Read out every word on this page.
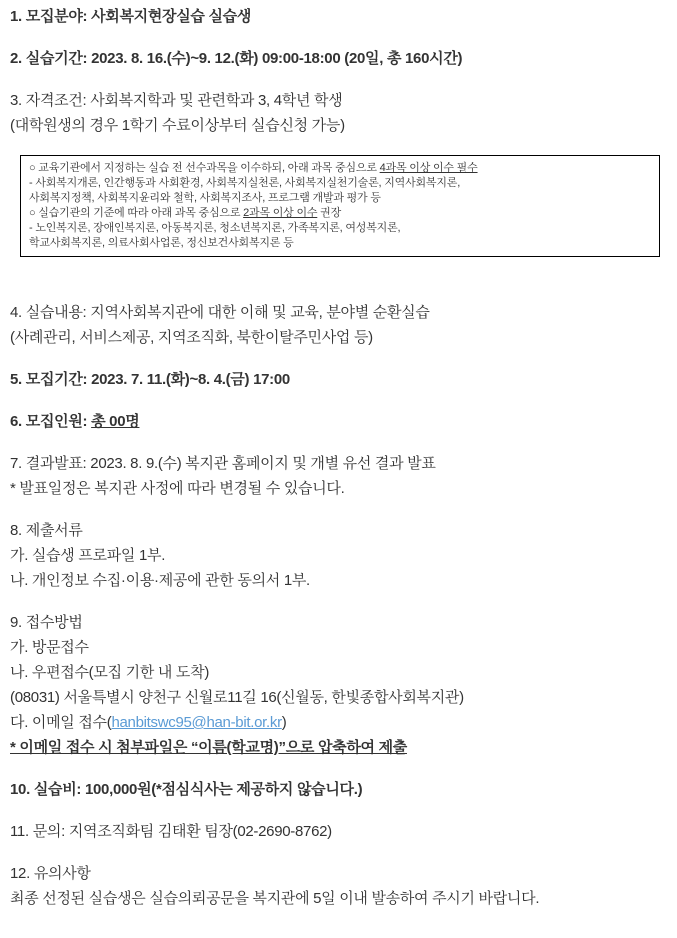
1. 모집분야: 사회복지현장실습 실습생

2. 실습기간: 2023. 8. 16.(수)~9. 12.(화) 09:00-18:00 (20일, 총 160시간)

3. 자격조건: 사회복지학과 및 관련학과 3, 4학년 학생
(대학원생의 경우 1학기 수료이상부터 실습신청 가능)

○ 교육기관에서 지정하는 실습 전 선수과목을 이수하되, 아래 과목 중심으로 4과목 이상 이수 필수
- 사회복지개론, 인간행동과 사회환경, 사회복지실천론, 사회복지실천기술론, 지역사회복지론,
사회복지정책, 사회복지윤리와 철학, 사회복지조사, 프로그램 개발과 평가 등
○ 실습기관의 기준에 따라 아래 과목 중심으로 2과목 이상 이수 권장
- 노인복지론, 장애인복지론, 아동복지론, 청소년복지론, 가족복지론, 여성복지론,
학교사회복지론, 의료사회사업론, 정신보건사회복지론 등

4. 실습내용: 지역사회복지관에 대한 이해 및 교육, 분야별 순환실습
(사례관리, 서비스제공, 지역조직화, 북한이탈주민사업 등)

5. 모집기간: 2023. 7. 11.(화)~8. 4.(금) 17:00

6. 모집인원: 총 00명

7. 결과발표: 2023. 8. 9.(수) 복지관 홈페이지 및 개별 유선 결과 발표
* 발표일정은 복지관 사정에 따라 변경될 수 있습니다.

8. 제출서류
가. 실습생 프로파일 1부.
나. 개인정보 수집·이용·제공에 관한 동의서 1부.

9. 접수방법
가. 방문접수
나. 우편접수(모집 기한 내 도착)
(08031) 서울특별시 양천구 신월로11길 16(신월동, 한빛종합사회복지관)
다. 이메일 접수(hanbitswc95@han-bit.or.kr)
* 이메일 접수 시 첨부파일은 “이름(학교명)”으로 압축하여 제출

10. 실습비: 100,000원(*점심식사는 제공하지 않습니다.)

11. 문의: 지역조직화팀 김태환 팀장(02-2690-8762)

12. 유의사항
최종 선정된 실습생은 실습의뢰공문을 복지관에 5일 이내 발송하여 주시기 바랍니다.
